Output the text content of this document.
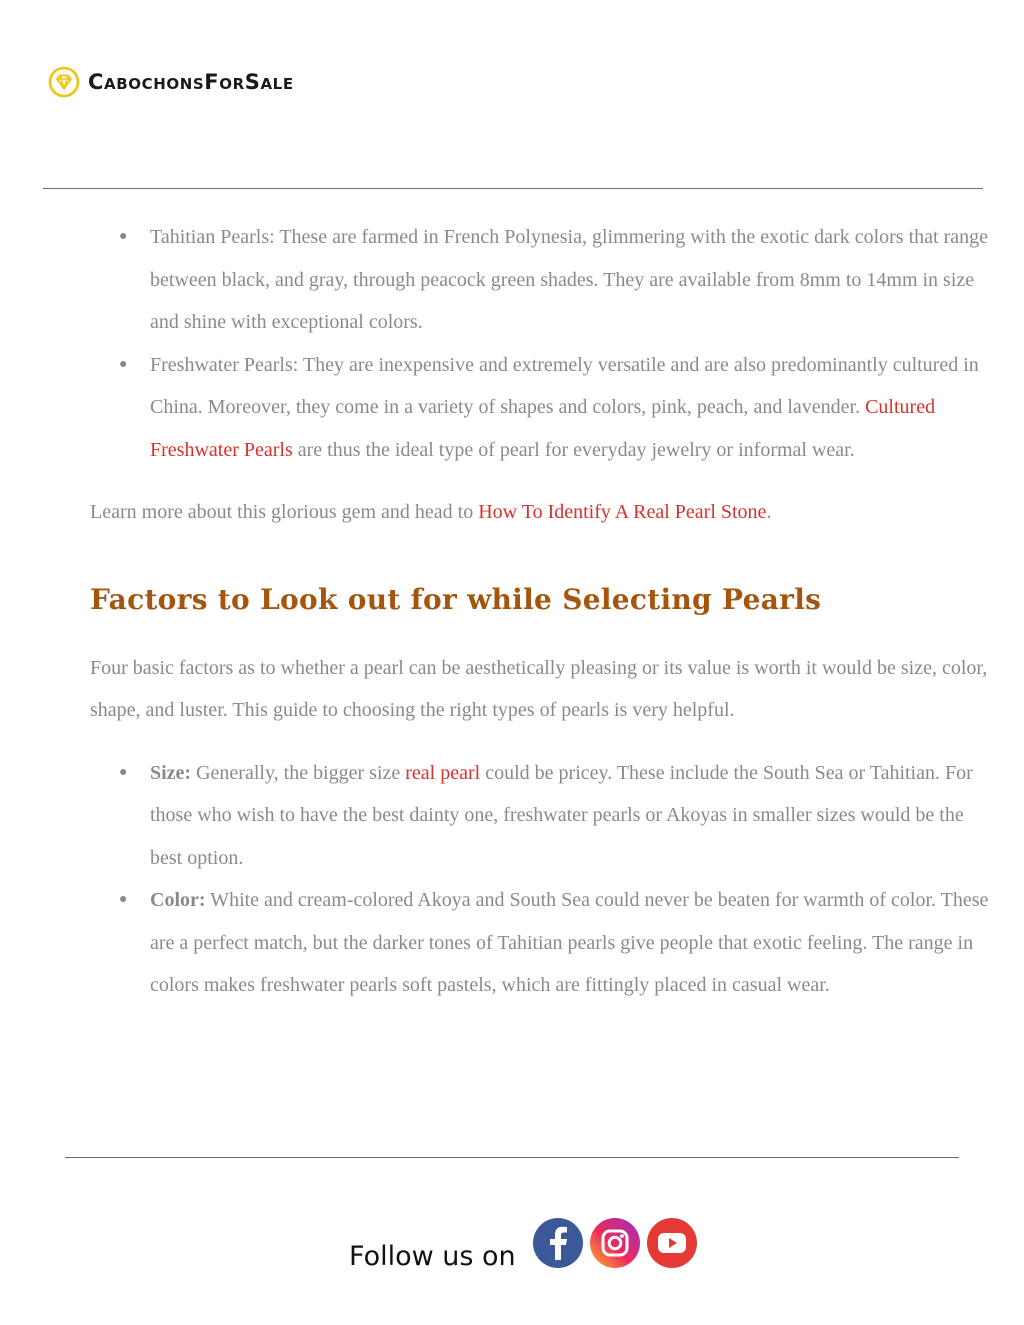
CabochonsForSale
● Tahitian Pearls: These are farmed in French Polynesia, glimmering with the exotic dark colors that range between black, and gray, through peacock green shades. They are available from 8mm to 14mm in size and shine with exceptional colors.
● Freshwater Pearls: They are inexpensive and extremely versatile and are also predominantly cultured in China. Moreover, they come in a variety of shapes and colors, pink, peach, and lavender. Cultured Freshwater Pearls are thus the ideal type of pearl for everyday jewelry or informal wear.

Learn more about this glorious gem and head to How To Identify A Real Pearl Stone.

Factors to Look out for while Selecting Pearls

Four basic factors as to whether a pearl can be aesthetically pleasing or its value is worth it would be size, color, shape, and luster. This guide to choosing the right types of pearls is very helpful.

● Size: Generally, the bigger size real pearl could be pricey. These include the South Sea or Tahitian. For those who wish to have the best dainty one, freshwater pearls or Akoyas in smaller sizes would be the best option.
● Color: White and cream-colored Akoya and South Sea could never be beaten for warmth of color. These are a perfect match, but the darker tones of Tahitian pearls give people that exotic feeling. The range in colors makes freshwater pearls soft pastels, which are fittingly placed in casual wear.
Follow us on
